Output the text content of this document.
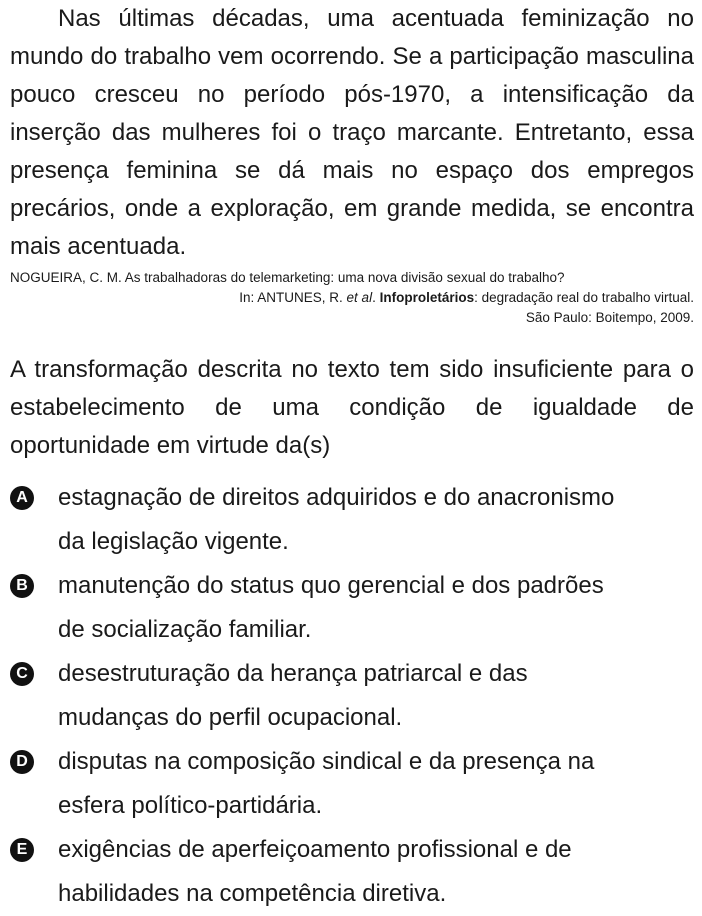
Nas últimas décadas, uma acentuada feminização no mundo do trabalho vem ocorrendo. Se a participação masculina pouco cresceu no período pós-1970, a intensificação da inserção das mulheres foi o traço marcante. Entretanto, essa presença feminina se dá mais no espaço dos empregos precários, onde a exploração, em grande medida, se encontra mais acentuada.
NOGUEIRA, C. M. As trabalhadoras do telemarketing: uma nova divisão sexual do trabalho?
In: ANTUNES, R. et al. Infoproletários: degradação real do trabalho virtual.
São Paulo: Boitempo, 2009.
A transformação descrita no texto tem sido insuficiente para o estabelecimento de uma condição de igualdade de oportunidade em virtude da(s)
A estagnação de direitos adquiridos e do anacronismo
da legislação vigente.
B manutenção do status quo gerencial e dos padrões
de socialização familiar.
C desestruturação da herança patriarcal e das
mudanças do perfil ocupacional.
D disputas na composição sindical e da presença na
esfera político-partidária.
E exigências de aperfeiçoamento profissional e de
habilidades na competência diretiva.
